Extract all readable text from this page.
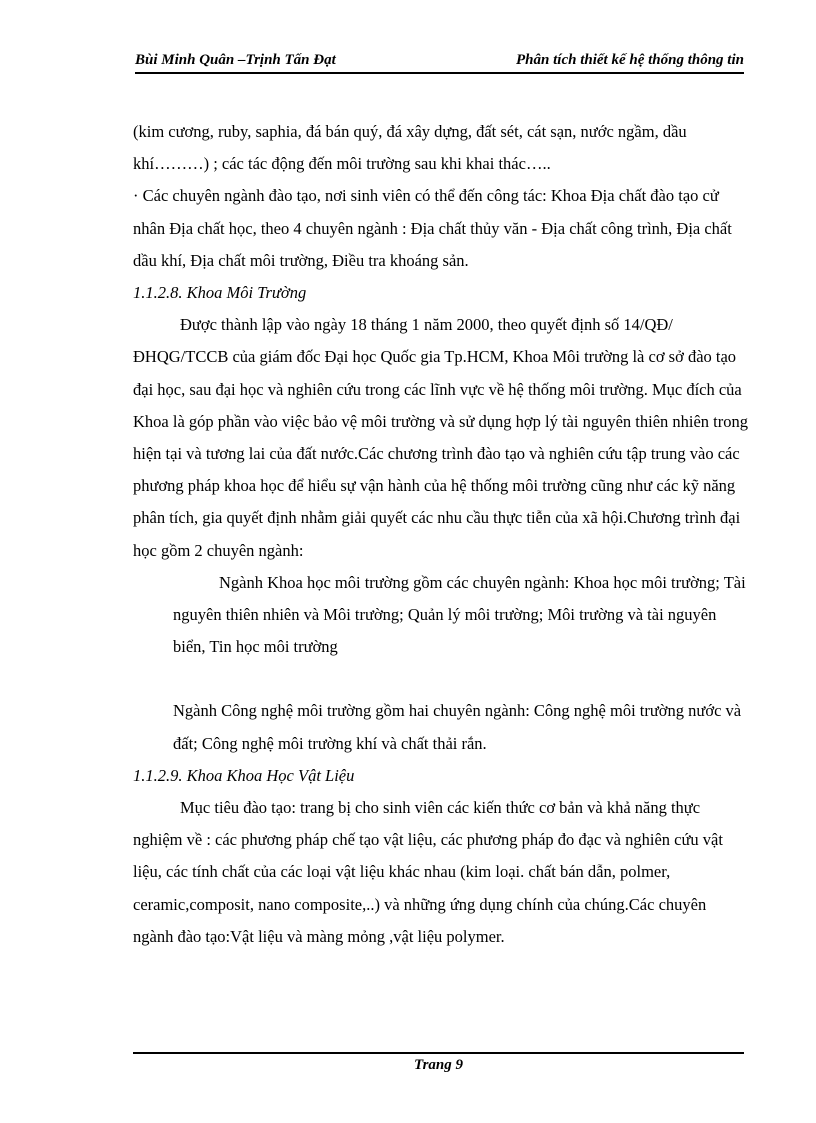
Bùi Minh Quân –Trịnh Tấn Đạt	Phân tích thiết kế hệ thống thông tin

(kim cương, ruby, saphia, đá bán quý, đá xây dựng, đất sét, cát sạn, nước ngầm, dầu khí………) ; các tác động đến môi trường sau khi khai thác…..

· Các chuyên ngành đào tạo, nơi sinh viên có thể đến công tác: Khoa Địa chất đào tạo cử nhân Địa chất học, theo 4 chuyên ngành : Địa chất thủy văn - Địa chất công trình, Địa chất dầu khí, Địa chất môi trường, Điều tra khoáng sản.

1.1.2.8. Khoa Môi Trường

Được thành lập vào ngày 18 tháng 1 năm 2000, theo quyết định số 14/QĐ/ĐHQG/TCCB của giám đốc Đại học Quốc gia Tp.HCM, Khoa Môi trường là cơ sở đào tạo đại học, sau đại học và nghiên cứu trong các lĩnh vực về hệ thống môi trường. Mục đích của Khoa là góp phần vào việc bảo vệ môi trường và sử dụng hợp lý tài nguyên thiên nhiên trong hiện tại và tương lai của đất nước.Các chương trình đào tạo và nghiên cứu tập trung vào các phương pháp khoa học để hiểu sự vận hành của hệ thống môi trường cũng như các kỹ năng phân tích, gia quyết định nhằm giải quyết các nhu cầu thực tiễn của xã hội.Chương trình đại học gồm 2 chuyên ngành:

Ngành Khoa học môi trường gồm các chuyên ngành: Khoa học môi trường; Tài nguyên thiên nhiên và Môi trường; Quản lý môi trường; Môi trường và tài nguyên biển, Tin học môi trường

Ngành Công nghệ môi trường gồm hai chuyên ngành: Công nghệ môi trường nước và đất; Công nghệ môi trường khí và chất thải rắn.

1.1.2.9. Khoa Khoa Học Vật Liệu

Mục tiêu đào tạo: trang bị cho sinh viên các kiến thức cơ bản và khả năng thực nghiệm về : các phương pháp chế tạo vật liệu, các phương pháp đo đạc và nghiên cứu vật liệu, các tính chất của các loại vật liệu khác nhau (kim loại. chất bán dẫn, polmer, ceramic,composit, nano composite,..) và những ứng dụng chính của chúng.Các chuyên ngành đào tạo:Vật liệu và màng mỏng ,vật liệu polymer.

Trang 9
